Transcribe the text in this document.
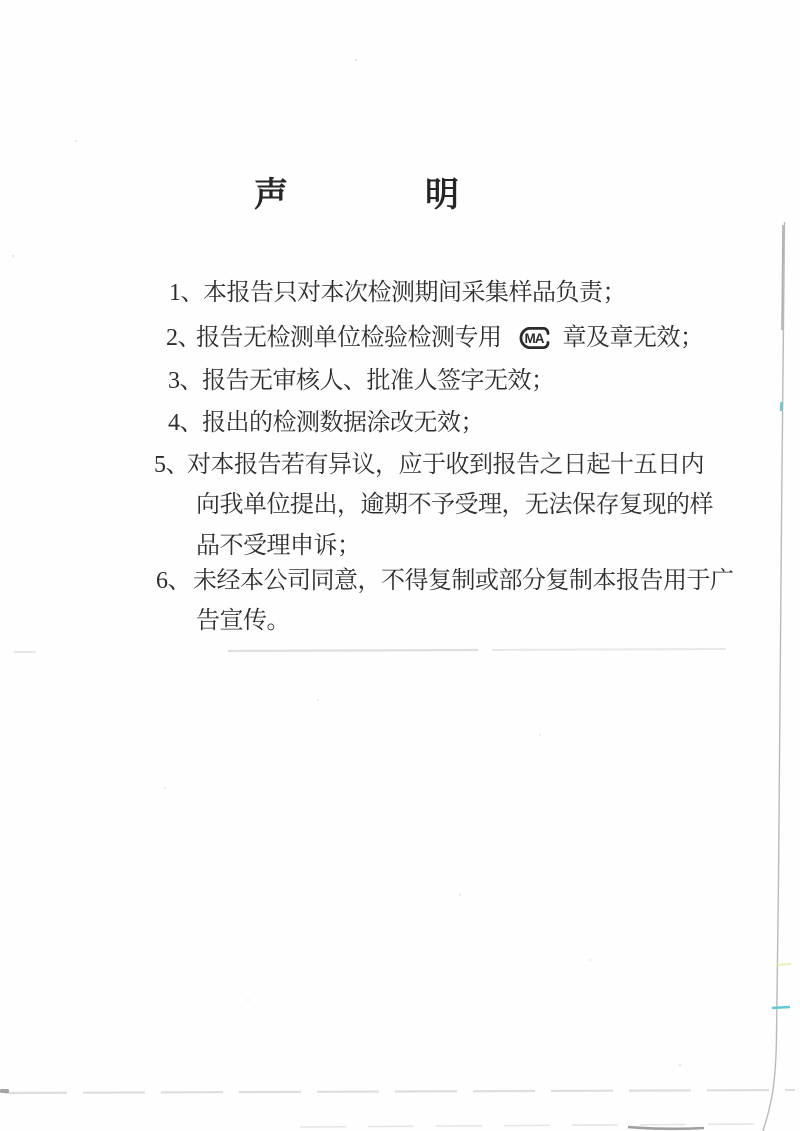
声	明
1、本报告只对本次检测期间采集样品负责；
2、报告无检测单位检验检测专用 MA 章及章无效；
3、报告无审核人、批准人签字无效；
4、报出的检测数据涂改无效；
5、对本报告若有异议，应于收到报告之日起十五日内
向我单位提出，逾期不予受理，无法保存复现的样
品不受理申诉；
6、未经本公司同意，不得复制或部分复制本报告用于广
告宣传。
